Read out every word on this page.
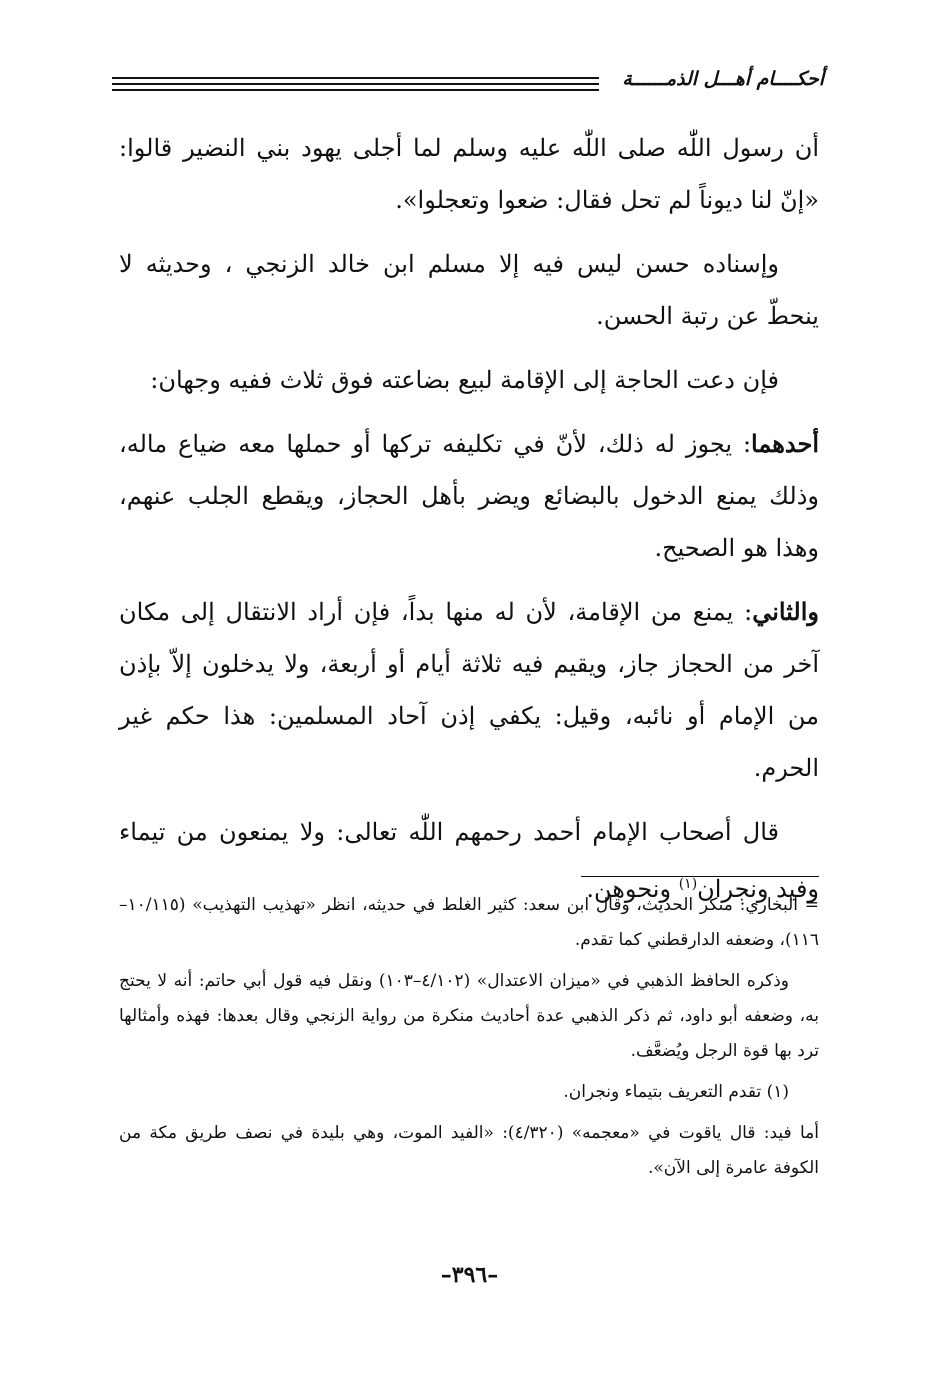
أحكــــام أهـــل الذمــــــة

أن رسول اللّٰه صلى اللّٰه عليه وسلم لما أجلى يهود بني النضير قالوا: «إنّ لنا ديوناً لم تحل فقال: ضعوا وتعجلوا».

وإسناده حسن ليس فيه إلا مسلم ابن خالد الزنجي ، وحديثه لا ينحطّ عن رتبة الحسن.

فإن دعت الحاجة إلى الإقامة لبيع بضاعته فوق ثلاث ففيه وجهان:

أحدهما: يجوز له ذلك، لأنّ في تكليفه تركها أو حملها معه ضياع ماله، وذلك يمنع الدخول بالبضائع ويضر بأهل الحجاز، ويقطع الجلب عنهم، وهذا هو الصحيح.

والثاني: يمنع من الإقامة، لأن له منها بداً، فإن أراد الانتقال إلى مكان آخر من الحجاز جاز، ويقيم فيه ثلاثة أيام أو أربعة، ولا يدخلون إلاّ بإذن من الإمام أو نائبه، وقيل: يكفي إذن آحاد المسلمين: هذا حكم غير الحرم.

قال أصحاب الإمام أحمد رحمهم اللّٰه تعالى: ولا يمنعون من تيماء وفيد ونجران$^{(١)}$ ونحوهن.

= البخاري: منكر الحديث، وقال ابن سعد: كثير الغلط في حديثه، انظر «تهذيب التهذيب» (١٠/١١٥–١١٦)، وضعفه الدارقطني كما تقدم.

وذكره الحافظ الذهبي في «ميزان الاعتدال» (٤/١٠٢–١٠٣) ونقل فيه قول أبي حاتم: أنه لا يحتج به، وضعفه أبو داود، ثم ذكر الذهبي عدة أحاديث منكرة من رواية الزنجي وقال بعدها: فهذه وأمثالها ترد بها قوة الرجل ويُضعَّف.

(١) تقدم التعريف بتيماء ونجران.

أما فيد: قال ياقوت في «معجمه» (٤/٣٢٠): «الفيد الموت، وهي بليدة في نصف طريق مكة من الكوفة عامرة إلى الآن».

–٣٩٦–
